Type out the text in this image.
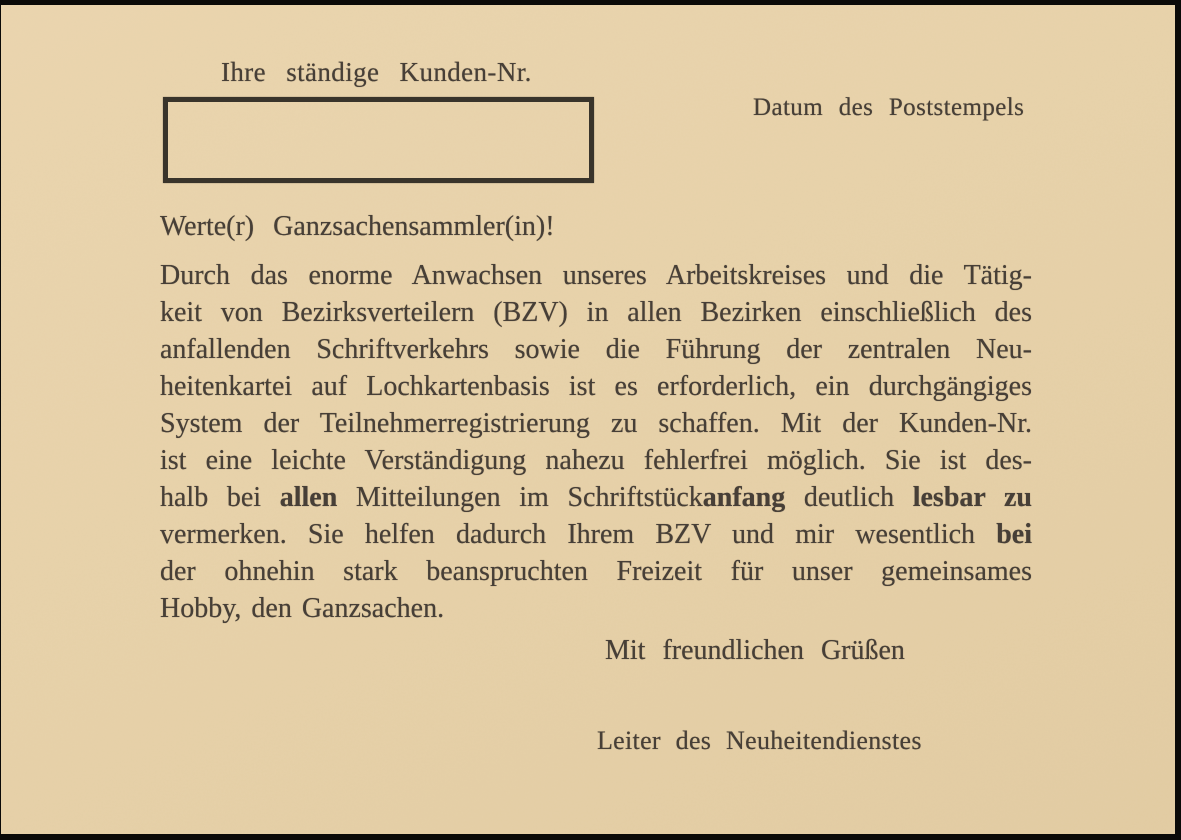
Ihre ständige Kunden-Nr.
Datum des Poststempels
Werte(r) Ganzsachensammler(in)!
Durch das enorme Anwachsen unseres Arbeitskreises und die Tätig-
keit von Bezirksverteilern (BZV) in allen Bezirken einschließlich des
anfallenden Schriftverkehrs sowie die Führung der zentralen Neu-
heitenkartei auf Lochkartenbasis ist es erforderlich, ein durchgängiges
System der Teilnehmerregistrierung zu schaffen. Mit der Kunden-Nr.
ist eine leichte Verständigung nahezu fehlerfrei möglich. Sie ist des-
halb bei allen Mitteilungen im Schriftstückanfang deutlich lesbar zu
vermerken. Sie helfen dadurch Ihrem BZV und mir wesentlich bei
der ohnehin stark beanspruchten Freizeit für unser gemeinsames
Hobby, den Ganzsachen.
Mit freundlichen Grüßen
Leiter des Neuheitendienstes
